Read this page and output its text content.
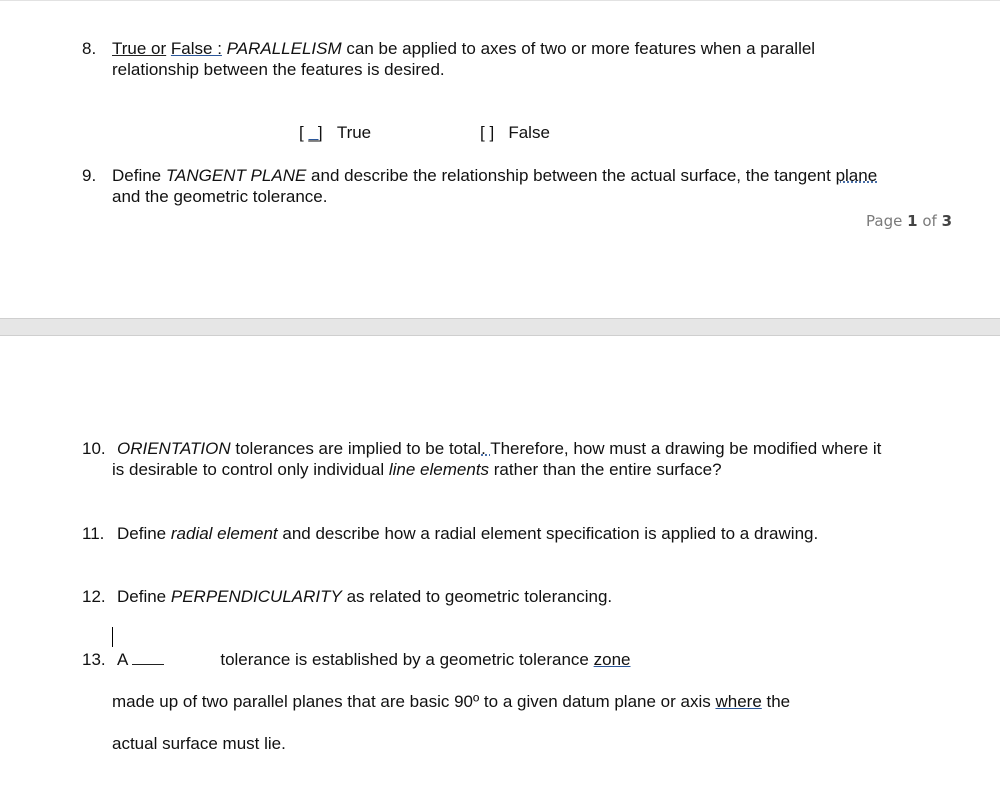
8. True or False : PARALLELISM can be applied to axes of two or more features when a parallel
relationship between the features is desired.
[ _] True	[ ] False
9. Define TANGENT PLANE and describe the relationship between the actual surface, the tangent plane
and the geometric tolerance.
Page 1 of 3
10. ORIENTATION tolerances are implied to be total. Therefore, how must a drawing be modified where it
is desirable to control only individual line elements rather than the entire surface?
11. Define radial element and describe how a radial element specification is applied to a drawing.
12. Define PERPENDICULARITY as related to geometric tolerancing.
13. A	tolerance is established by a geometric tolerance zone
made up of two parallel planes that are basic 90º to a given datum plane or axis where the
actual surface must lie.
